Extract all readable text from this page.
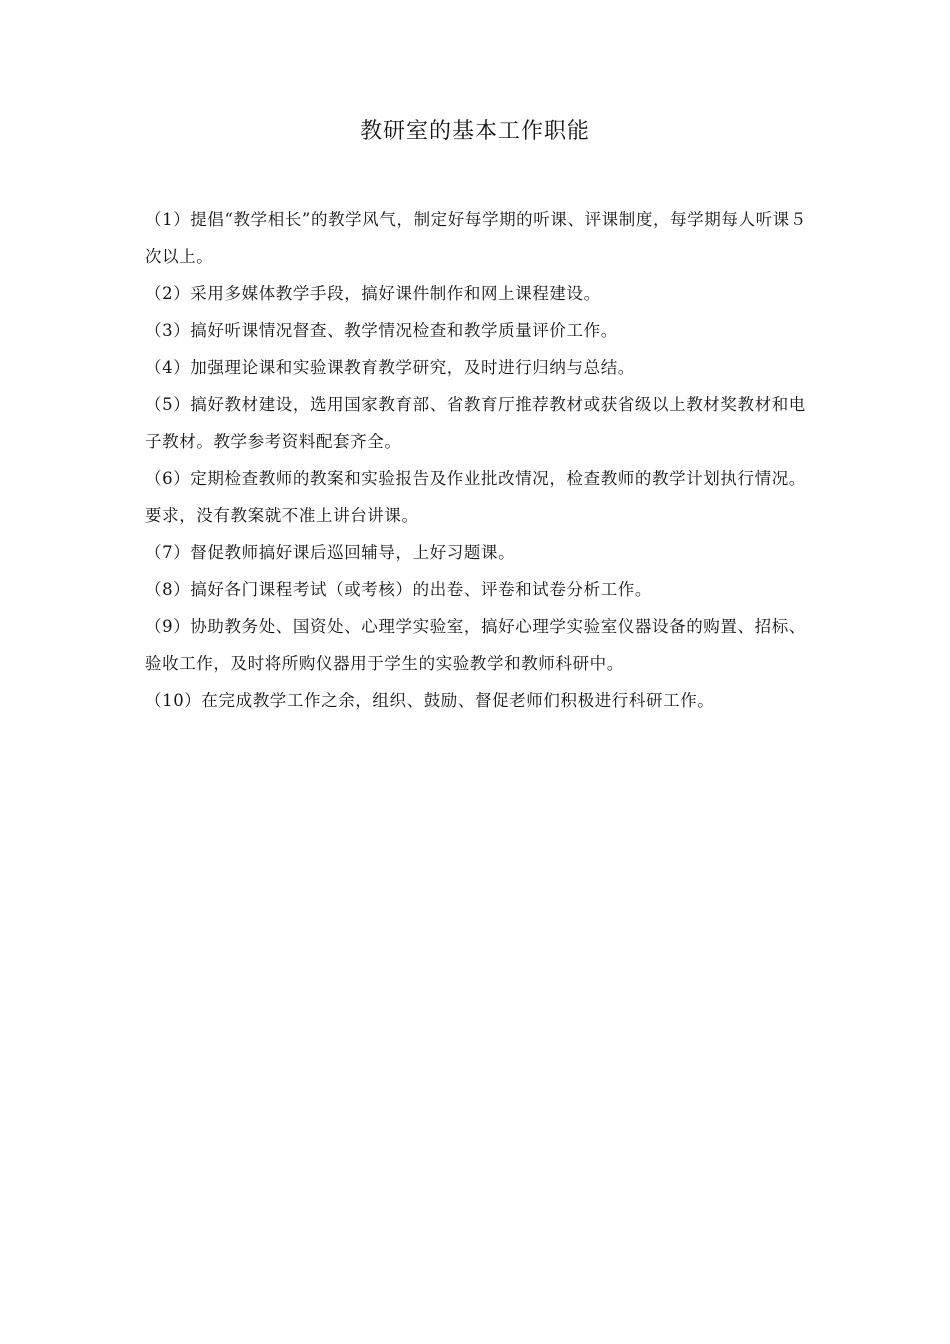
教研室的基本工作职能

（1）提倡“教学相长”的教学风气，制定好每学期的听课、评课制度，每学期每人听课５次以上。

（2）采用多媒体教学手段，搞好课件制作和网上课程建设。

（3）搞好听课情况督查、教学情况检查和教学质量评价工作。

（4）加强理论课和实验课教育教学研究，及时进行归纳与总结。

（5）搞好教材建设，选用国家教育部、省教育厅推荐教材或获省级以上教材奖教材和电子教材。教学参考资料配套齐全。

（6）定期检查教师的教案和实验报告及作业批改情况，检查教师的教学计划执行情况。要求，没有教案就不准上讲台讲课。

（7）督促教师搞好课后巡回辅导，上好习题课。

（8）搞好各门课程考试（或考核）的出卷、评卷和试卷分析工作。

（9）协助教务处、国资处、心理学实验室，搞好心理学实验室仪器设备的购置、招标、验收工作，及时将所购仪器用于学生的实验教学和教师科研中。

（10）在完成教学工作之余，组织、鼓励、督促老师们积极进行科研工作。
